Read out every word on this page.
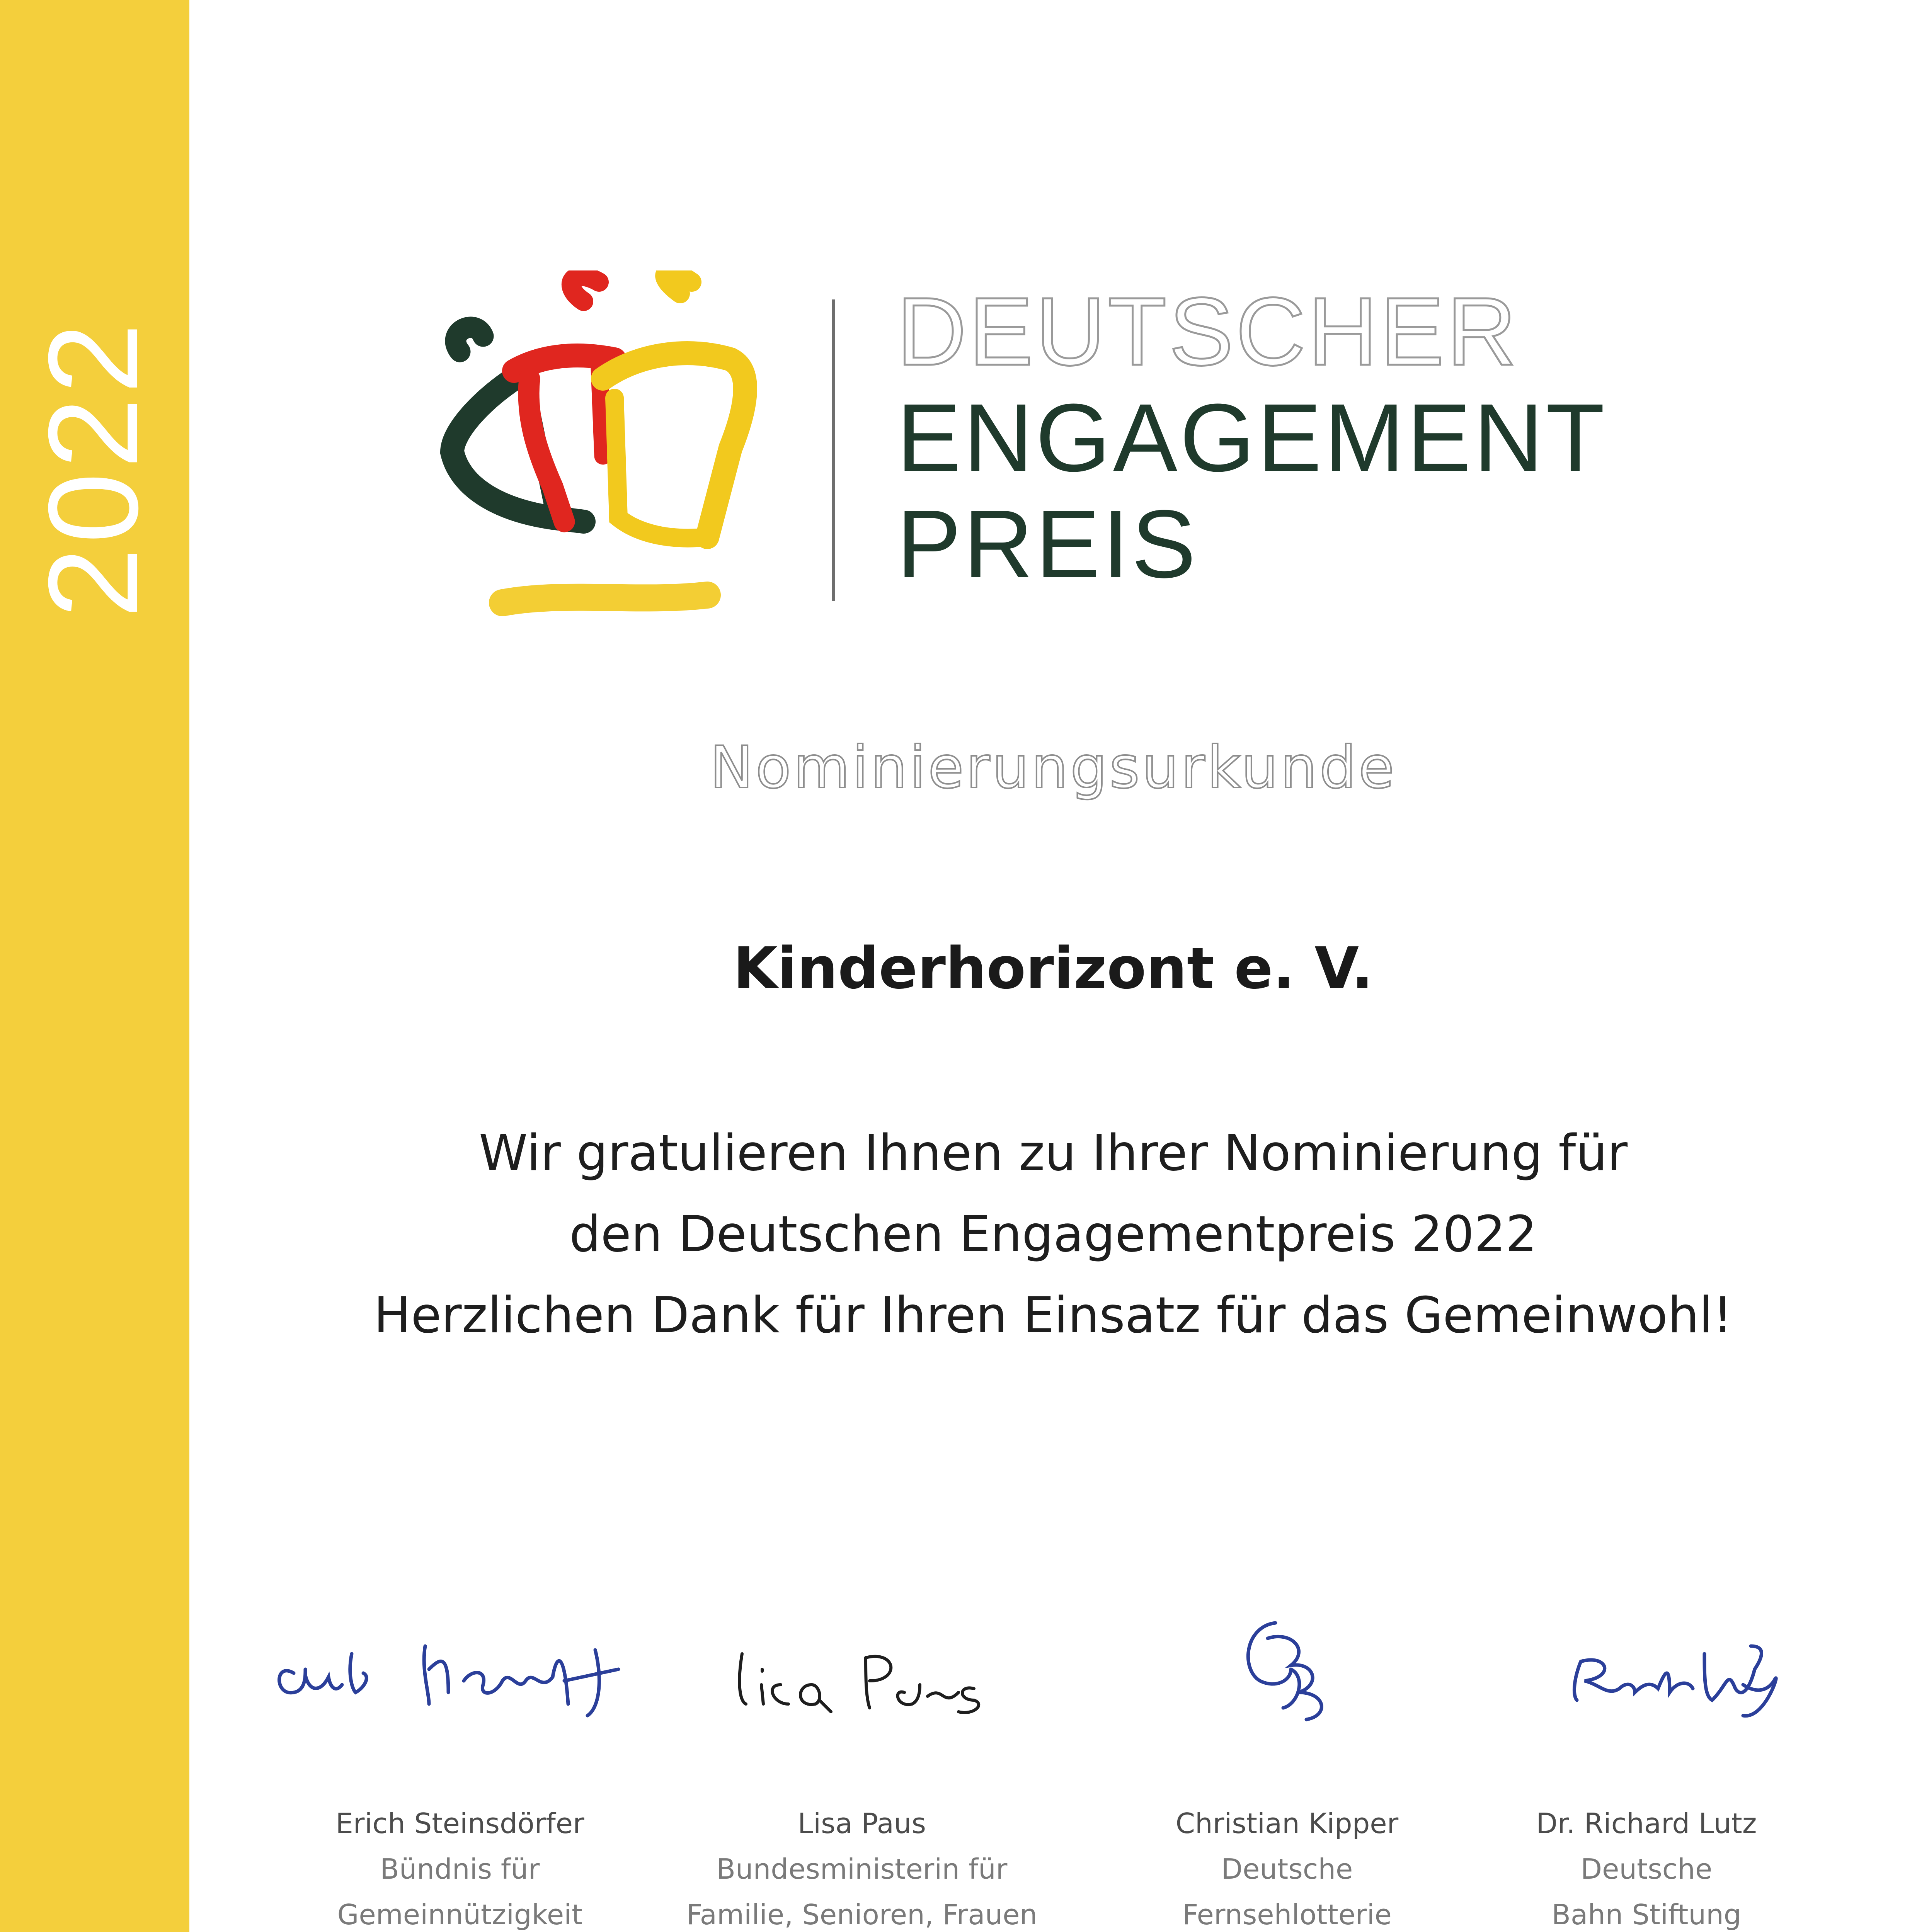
2022	DEUTSCHER
ENGAGEMENT
PREIS
Nominierungsurkunde
Kinderhorizont e. V.
Wir gratulieren Ihnen zu Ihrer Nominierung für
den Deutschen Engagementpreis 2022
Herzlichen Dank für Ihren Einsatz für das Gemeinwohl!
Erich Steinsdörfer
Bündnis für
Gemeinnützigkeit
Lisa Paus
Bundesministerin für
Familie, Senioren, Frauen
Christian Kipper
Deutsche
Fernsehlotterie
Dr. Richard Lutz
Deutsche
Bahn Stiftung
